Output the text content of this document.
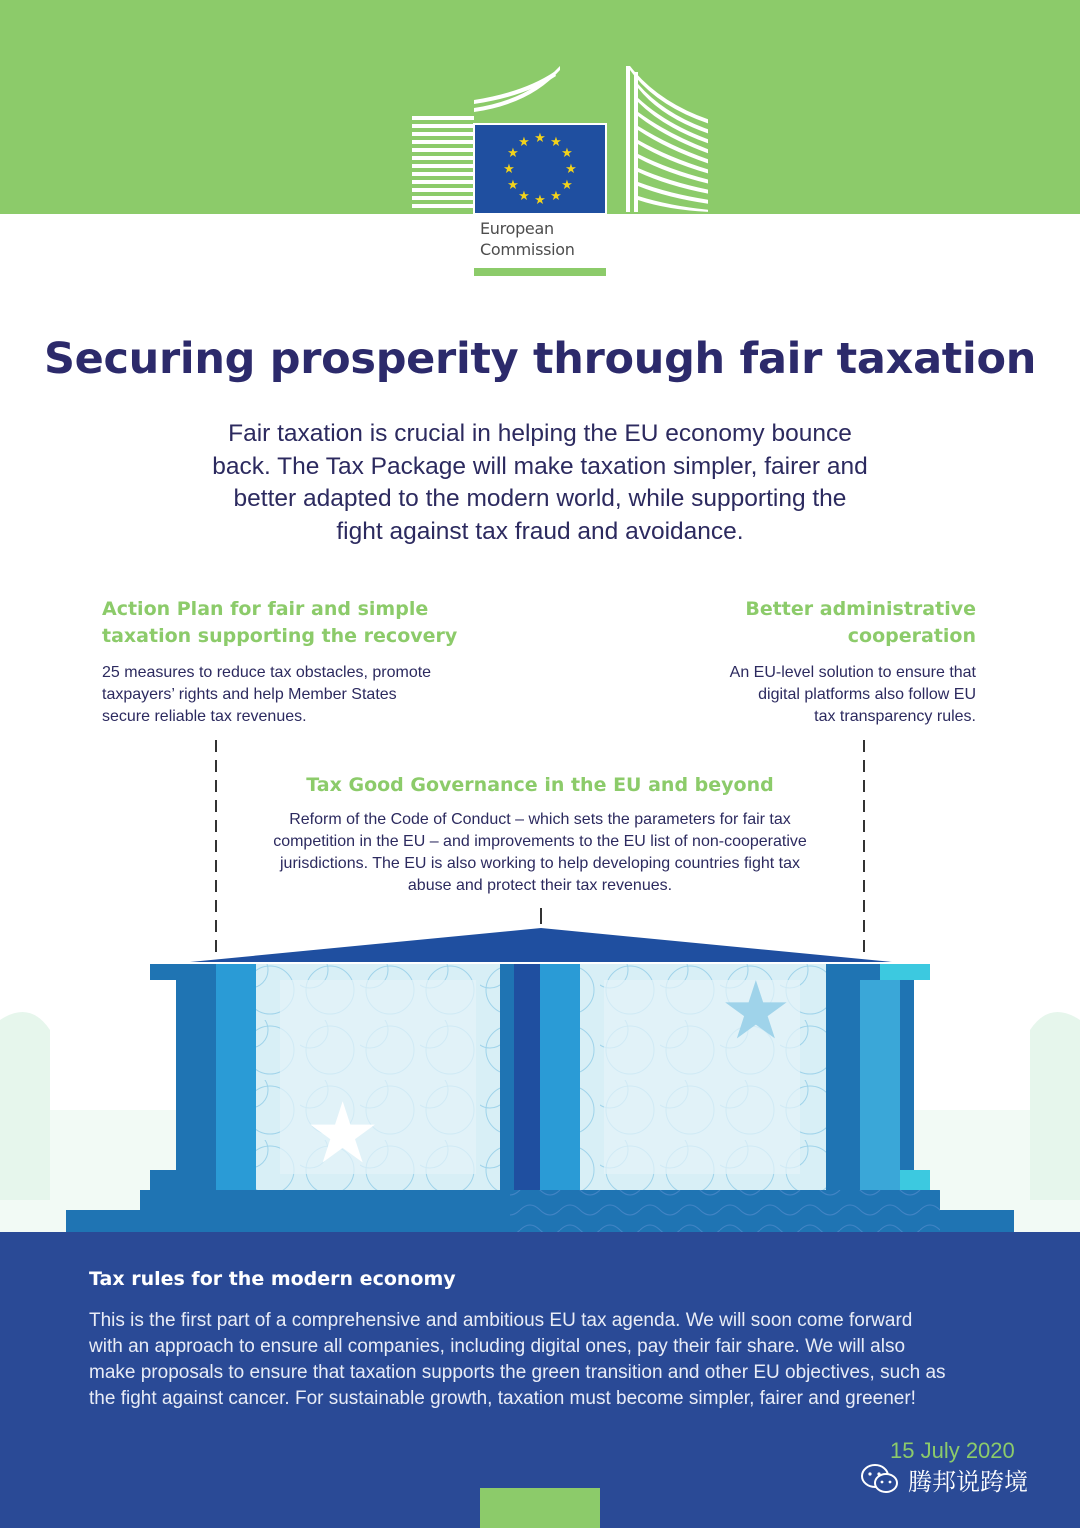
★ ★
★
★
★
★
★
★
★
★
★
★
European
Commission
Securing prosperity through fair taxation
Fair taxation is crucial in helping the EU economy bounce
back. The Tax Package will make taxation simpler, fairer and
better adapted to the modern world, while supporting the
fight against tax fraud and avoidance.
Action Plan for fair and simple
taxation supporting the recovery
25 measures to reduce tax obstacles, promote
taxpayers’ rights and help Member States
secure reliable tax revenues.
Better administrative
cooperation
An EU-level solution to ensure that
digital platforms also follow EU
tax transparency rules.
Tax Good Governance in the EU and beyond
Reform of the Code of Conduct – which sets the parameters for fair tax
competition in the EU – and improvements to the EU list of non-cooperative
jurisdictions. The EU is also working to help developing countries fight tax
abuse and protect their tax revenues.
★
★
Tax rules for the modern economy
This is the first part of a comprehensive and ambitious EU tax agenda. We will soon come forward
with an approach to ensure all companies, including digital ones, pay their fair share. We will also
make proposals to ensure that taxation supports the green transition and other EU objectives, such as
the fight against cancer. For sustainable growth, taxation must become simpler, fairer and greener!
15 July 2020
腾邦说跨境
